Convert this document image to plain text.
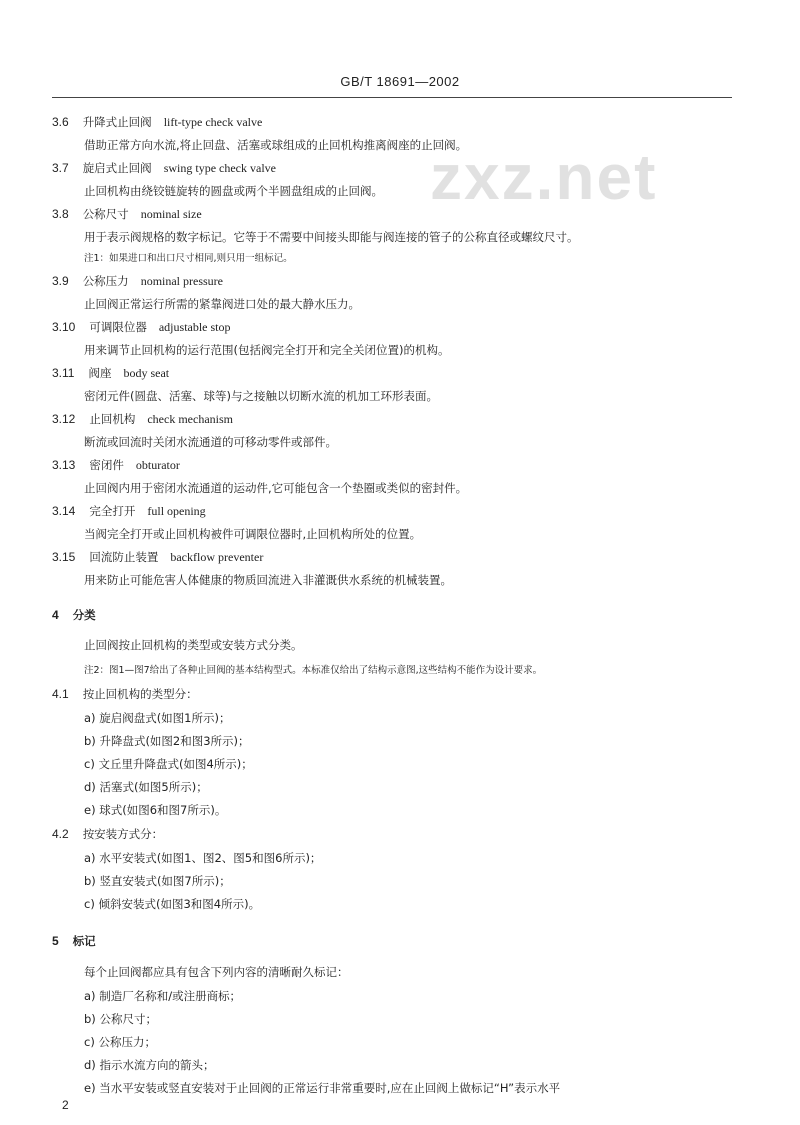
GB/T 18691—2002
zxz.net
3.6 升降式止回阀 lift-type check valve
借助正常方向水流,将止回盘、活塞或球组成的止回机构推离阀座的止回阀。
3.7 旋启式止回阀 swing type check valve
止回机构由绕铰链旋转的圆盘或两个半圆盘组成的止回阀。
3.8 公称尺寸 nominal size
用于表示阀规格的数字标记。它等于不需要中间接头即能与阀连接的管子的公称直径或螺纹尺寸。
注1：如果进口和出口尺寸相同,则只用一组标记。
3.9 公称压力 nominal pressure
止回阀正常运行所需的紧靠阀进口处的最大静水压力。
3.10 可调限位器 adjustable stop
用来调节止回机构的运行范围(包括阀完全打开和完全关闭位置)的机构。
3.11 阀座 body seat
密闭元件(圆盘、活塞、球等)与之接触以切断水流的机加工环形表面。
3.12 止回机构 check mechanism
断流或回流时关闭水流通道的可移动零件或部件。
3.13 密闭件 obturator
止回阀内用于密闭水流通道的运动件,它可能包含一个垫圈或类似的密封件。
3.14 完全打开 full opening
当阀完全打开或止回机构被件可调限位器时,止回机构所处的位置。
3.15 回流防止装置 backflow preventer
用来防止可能危害人体健康的物质回流进入非灌溉供水系统的机械装置。
4 分类
止回阀按止回机构的类型或安装方式分类。
注2：图1—图7给出了各种止回阀的基本结构型式。本标准仅给出了结构示意图,这些结构不能作为设计要求。
4.1 按止回机构的类型分：
a) 旋启阀盘式(如图1所示)；
b) 升降盘式(如图2和图3所示)；
c) 文丘里升降盘式(如图4所示)；
d) 活塞式(如图5所示)；
e) 球式(如图6和图7所示)。
4.2 按安装方式分：
a) 水平安装式(如图1、图2、图5和图6所示)；
b) 竖直安装式(如图7所示)；
c) 倾斜安装式(如图3和图4所示)。
5 标记
每个止回阀都应具有包含下列内容的清晰耐久标记：
a) 制造厂名称和/或注册商标；
b) 公称尺寸；
c) 公称压力；
d) 指示水流方向的箭头；
e) 当水平安装或竖直安装对于止回阀的正常运行非常重要时,应在止回阀上做标记“H”表示水平
2
